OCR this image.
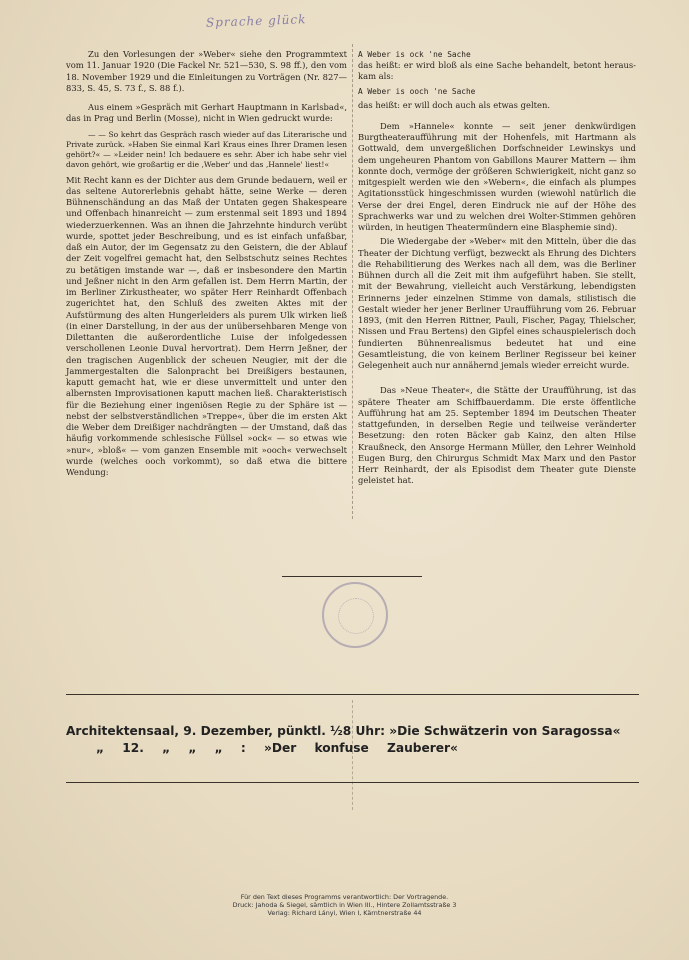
Sprache glück

Zu den Vorlesungen der »Weber« siehe den Programmtext vom 11. Januar 1920 (Die Fackel Nr. 521—530, S. 98 ff.), den vom 18. November 1929 und die Einleitungen zu Vorträgen (Nr. 827—833, S. 45, S. 73 f., S. 88 f.).

Aus einem »Gespräch mit Gerhart Hauptmann in Karlsbad«, das in Prag und Berlin (Mosse), nicht in Wien gedruckt wurde:

— — So kehrt das Gespräch rasch wieder auf das Literarische und Private zurück. »Haben Sie einmal Karl Kraus eines Ihrer Dramen lesen gehört?« — »Leider nein! Ich bedauere es sehr. Aber ich habe sehr viel davon gehört, wie großartig er die ‚Weber' und das ‚Hannele' liest!«

Mit Recht kann es der Dichter aus dem Grunde bedauern, weil er das seltene Autorerlebnis gehabt hätte, seine Werke — deren Bühnenschändung an das Maß der Untaten gegen Shakespeare und Offenbach hinanreicht — zum erstenmal seit 1893 und 1894 wiederzuerkennen. Was an ihnen die Jahrzehnte hindurch verübt wurde, spottet jeder Beschreibung, und es ist einfach unfaßbar, daß ein Autor, der im Gegensatz zu den Geistern, die der Ablauf der Zeit vogelfrei gemacht hat, den Selbstschutz seines Rechtes zu betätigen imstande war —, daß er insbesondere den Martin und Jeßner nicht in den Arm gefallen ist. Dem Herrn Martin, der im Berliner Zirkustheater, wo später Herr Reinhardt Offenbach zugerichtet hat, den Schluß des zweiten Aktes mit der Aufstürmung des alten Hungerleiders als purem Ulk wirken ließ (in einer Darstellung, in der aus der unübersehbaren Menge von Dilettanten die außerordentliche Luise der infolgedessen verschollenen Leonie Duval hervortrat). Dem Herrn Jeßner, der den tragischen Augenblick der scheuen Neugier, mit der die Jammergestalten die Salonpracht bei Dreißigers bestaunen, kaputt gemacht hat, wie er diese unvermittelt und unter den albernsten Improvisationen kaputt machen ließ. Charakteristisch für die Beziehung einer ingeniösen Regie zu der Sphäre ist — nebst der selbstverständlichen »Treppe«, über die im ersten Akt die Weber dem Dreißiger nachdrängten — der Umstand, daß das häufig vorkommende schlesische Füllsel »ock« — so etwas wie »nur«, »bloß« — vom ganzen Ensemble mit »ooch« verwechselt wurde (welches ooch vorkommt), so daß etwa die bittere Wendung:

A Weber is ock 'ne Sache

das heißt: er wird bloß als eine Sache behandelt, betont heraus-kam als:

A Weber is ooch 'ne Sache

das heißt: er will doch auch als etwas gelten.

Dem »Hannele« konnte — seit jener denkwürdigen Burgtheateraufführung mit der Hohenfels, mit Hartmann als Gottwald, dem unvergeßlichen Dorfschneider Lewinskys und dem ungeheuren Phantom von Gabillons Maurer Mattern — ihm konnte doch, vermöge der größeren Schwierigkeit, nicht ganz so mitgespielt werden wie den »Webern«, die einfach als plumpes Agitationsstück hingeschmissen wurden (wiewohl natürlich die Verse der drei Engel, deren Eindruck nie auf der Höhe des Sprachwerks war und zu welchen drei Wolter-Stimmen gehören würden, in heutigen Theatermündern eine Blasphemie sind).

Die Wiedergabe der »Weber« mit den Mitteln, über die das Theater der Dichtung verfügt, bezweckt als Ehrung des Dichters die Rehabilitierung des Werkes nach all dem, was die Berliner Bühnen durch all die Zeit mit ihm aufgeführt haben. Sie stellt, mit der Bewahrung, vielleicht auch Verstärkung, lebendigsten Erinnerns jeder einzelnen Stimme von damals, stilistisch die Gestalt wieder her jener Berliner Uraufführung vom 26. Februar 1893, (mit den Herren Rittner, Pauli, Fischer, Pagay, Thielscher, Nissen und Frau Bertens) den Gipfel eines schauspielerisch doch fundierten Bühnenrealismus bedeutet hat und eine Gesamtleistung, die von keinem Berliner Regisseur bei keiner Gelegenheit auch nur annähernd jemals wieder erreicht wurde.

Das »Neue Theater«, die Stätte der Uraufführung, ist das spätere Theater am Schiffbauerdamm. Die erste öffentliche Aufführung hat am 25. September 1894 im Deutschen Theater stattgefunden, in derselben Regie und teilweise veränderter Besetzung: den roten Bäcker gab Kainz, den alten Hilse Kraußneck, den Ansorge Hermann Müller, den Lehrer Weinhold Eugen Burg, den Chirurgus Schmidt Max Marx und den Pastor Herr Reinhardt, der als Episodist dem Theater gute Dienste geleistet hat.

Architektensaal, 9. Dezember, pünktl. ½8 Uhr: »Die Schwätzerin von Saragossa«
„ 12. „ „ „ : »Der konfuse Zauberer«
Für den Text dieses Programms verantwortlich: Der Vortragende.
Druck: Jahoda & Siegel, sämtlich in Wien III., Hintere Zollamtsstraße 3
Verlag: Richard Lányi, Wien I, Kärntnerstraße 44
